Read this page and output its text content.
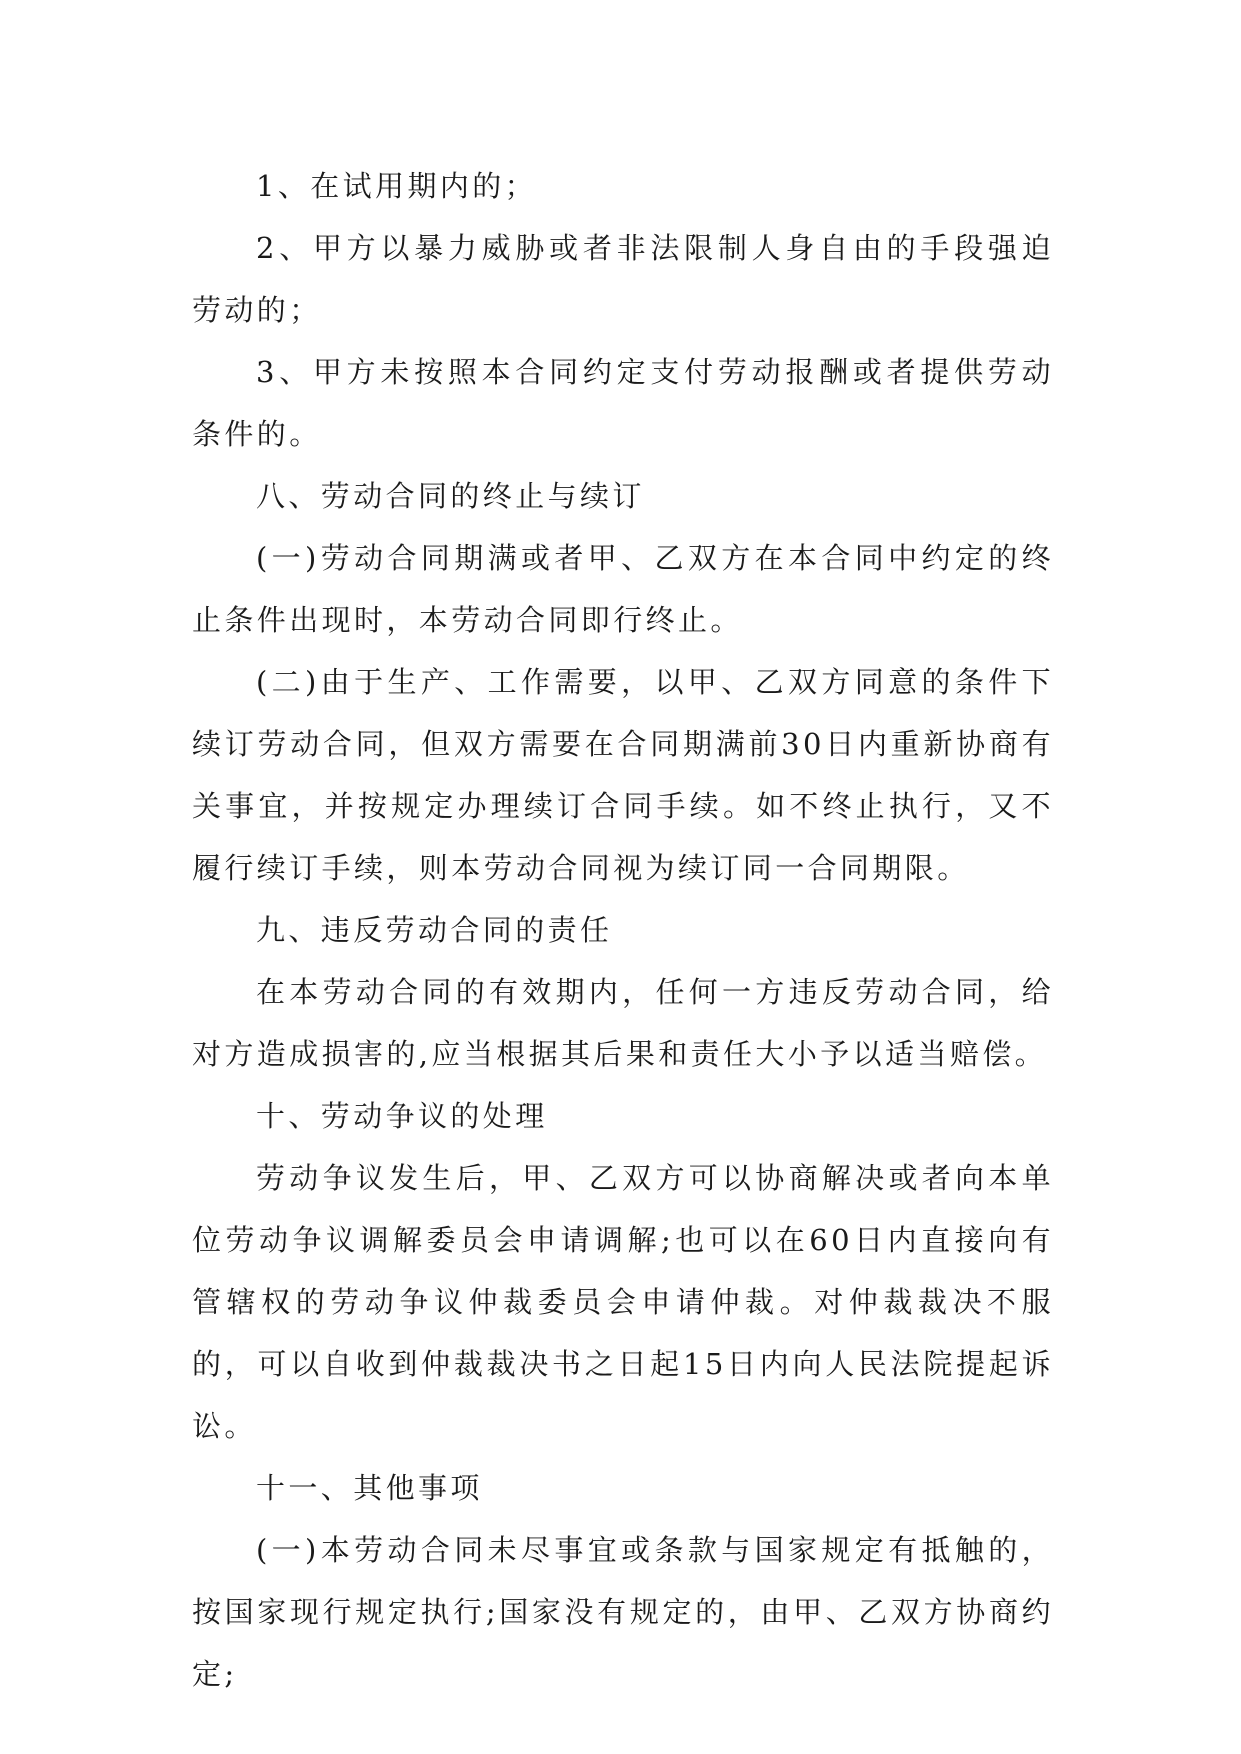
1、在试用期内的；

2、甲方以暴力威胁或者非法限制人身自由的手段强迫劳动的；

3、甲方未按照本合同约定支付劳动报酬或者提供劳动条件的。

八、劳动合同的终止与续订

(一)劳动合同期满或者甲、乙双方在本合同中约定的终止条件出现时，本劳动合同即行终止。

(二)由于生产、工作需要，以甲、乙双方同意的条件下续订劳动合同，但双方需要在合同期满前30日内重新协商有关事宜，并按规定办理续订合同手续。如不终止执行，又不履行续订手续，则本劳动合同视为续订同一合同期限。

九、违反劳动合同的责任

在本劳动合同的有效期内，任何一方违反劳动合同，给对方造成损害的,应当根据其后果和责任大小予以适当赔偿。

十、劳动争议的处理

劳动争议发生后，甲、乙双方可以协商解决或者向本单位劳动争议调解委员会申请调解;也可以在60日内直接向有管辖权的劳动争议仲裁委员会申请仲裁。对仲裁裁决不服的，可以自收到仲裁裁决书之日起15日内向人民法院提起诉讼。

十一、其他事项

(一)本劳动合同未尽事宜或条款与国家规定有抵触的，按国家现行规定执行;国家没有规定的，由甲、乙双方协商约定;
